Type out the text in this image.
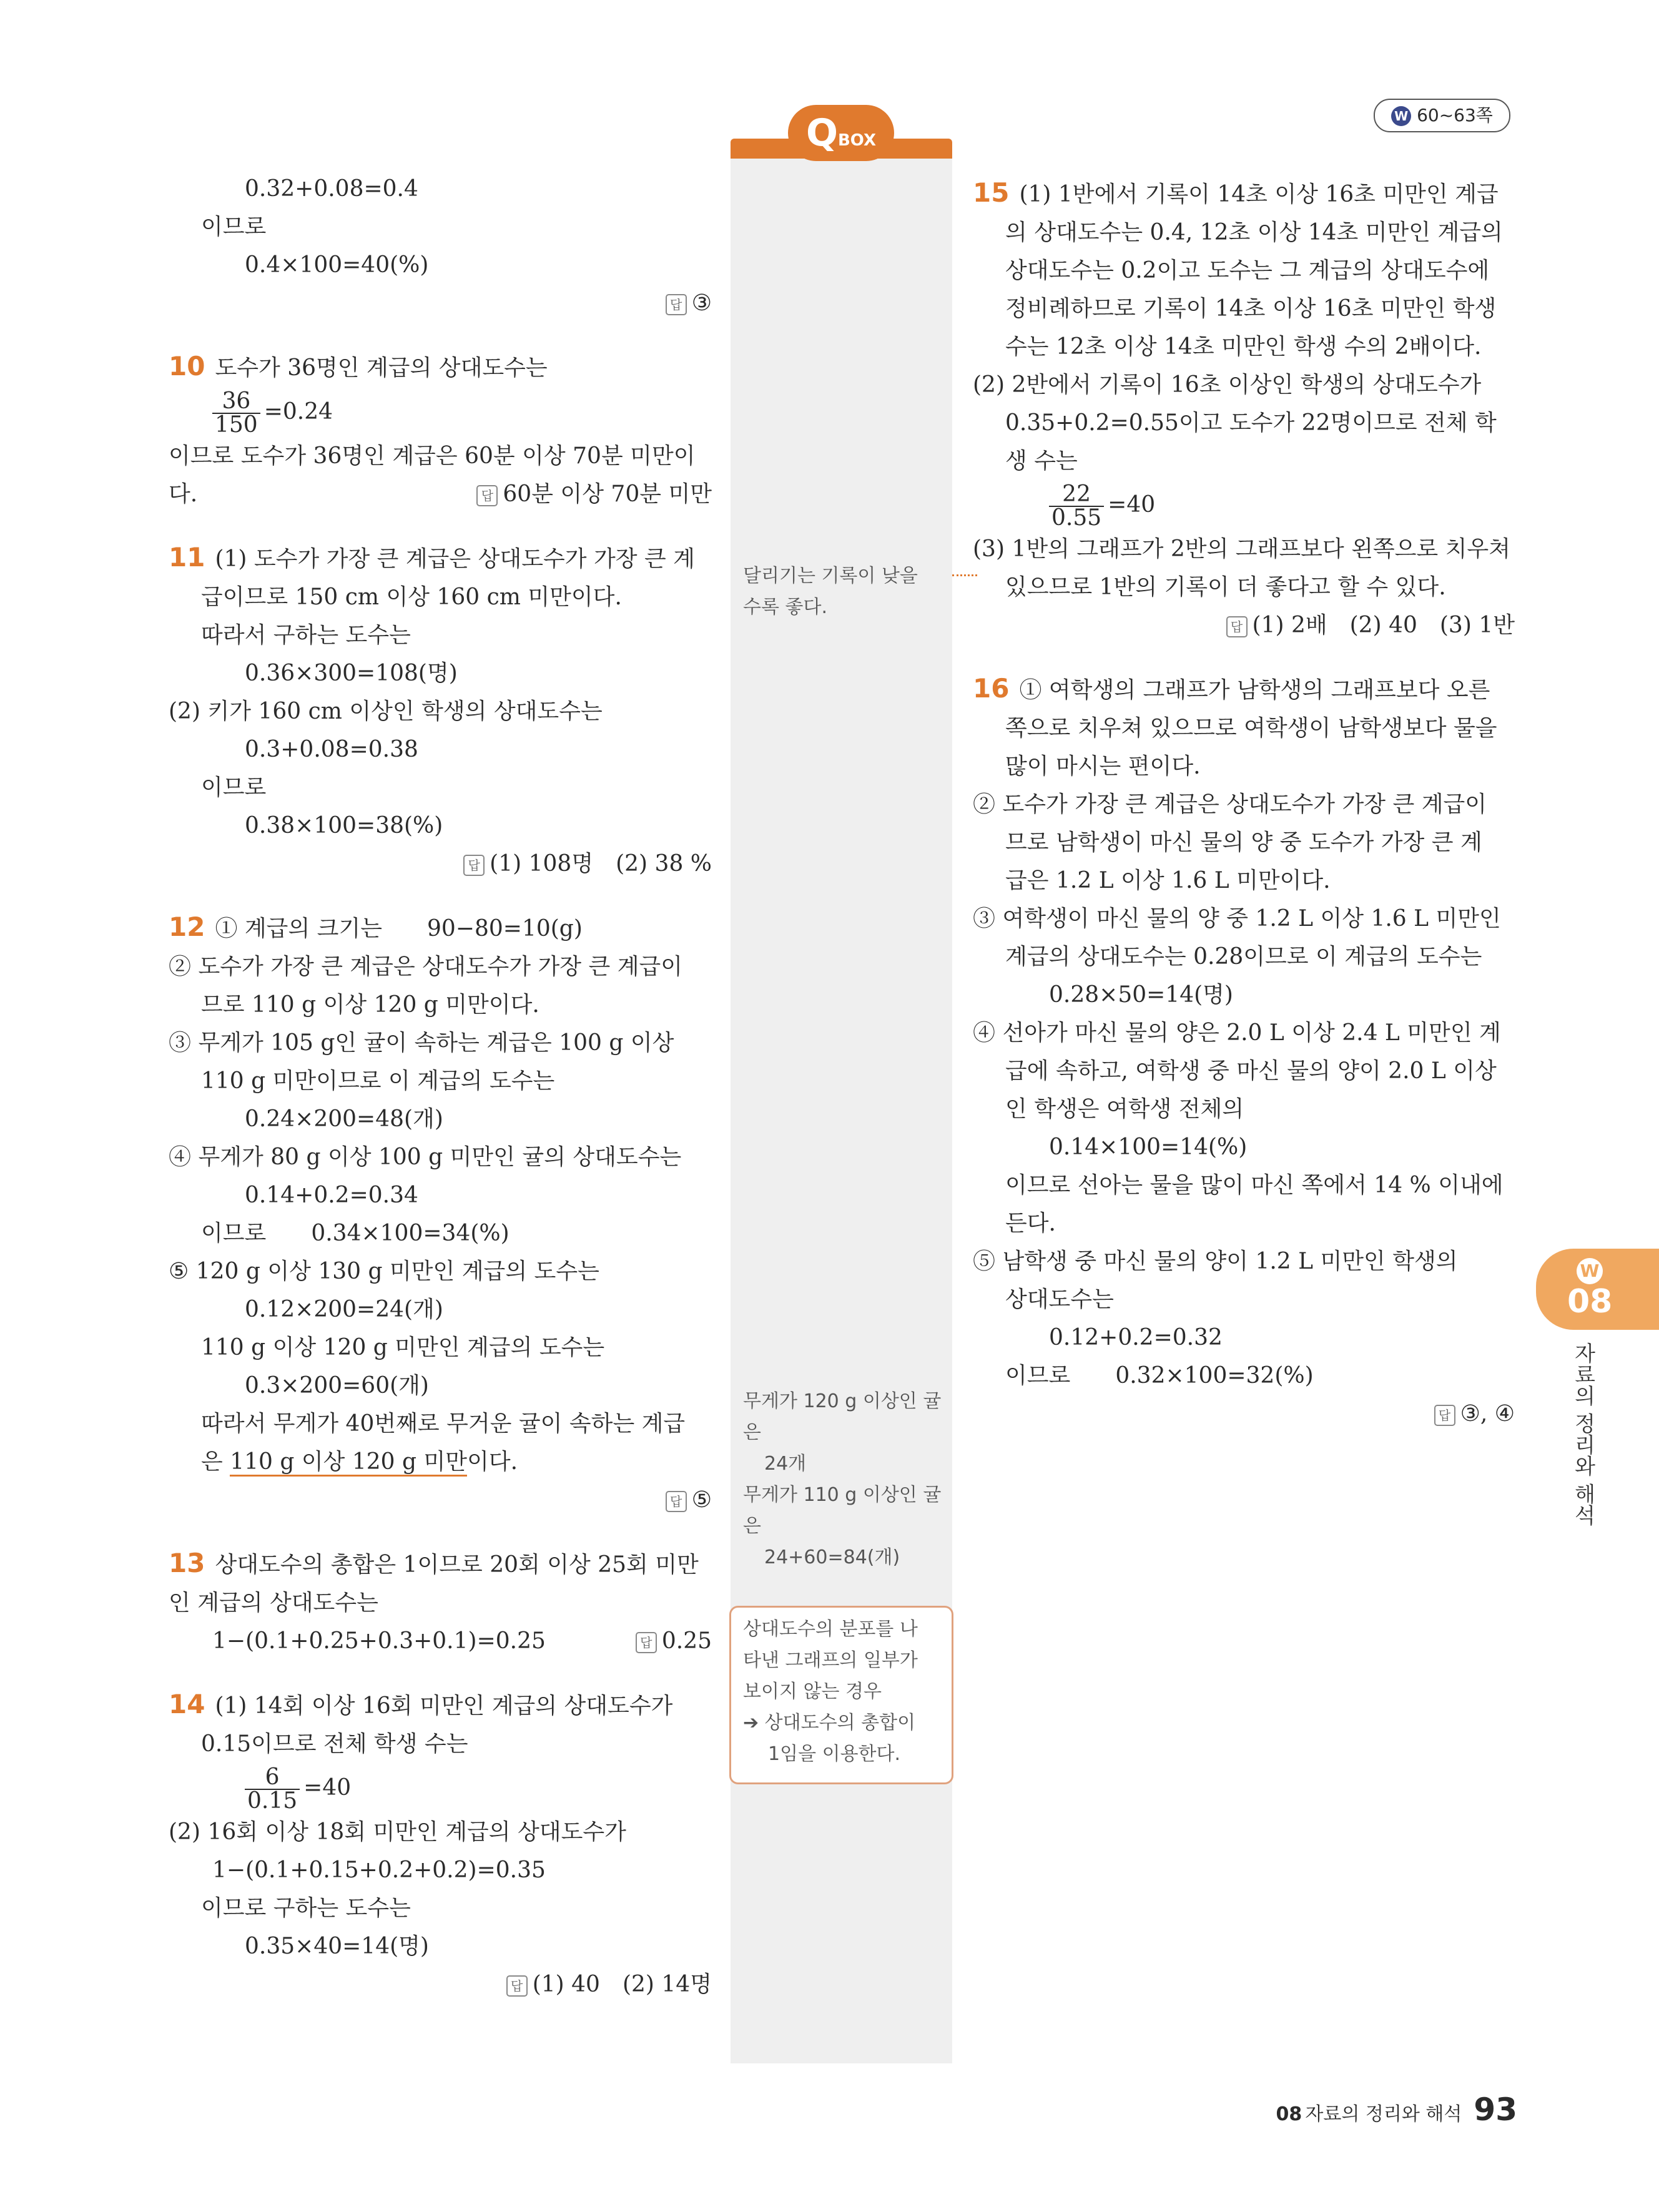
W 60~63쪽
QBOX

0.32+0.08=0.4

이므로

0.4×100=40(%)

답 ③

10 도수가 36명인 계급의 상대도수는

$\frac{36}{150} =0.24$

이므로 도수가 36명인 계급은 60분 이상 70분 미만이

다.	답 60분 이상 70분 미만

11 (1) 도수가 가장 큰 계급은 상대도수가 가장 큰 계

급이므로 150 cm 이상 160 cm 미만이다.

따라서 구하는 도수는

0.36×300=108(명)

(2) 키가 160 cm 이상인 학생의 상대도수는

0.3+0.08=0.38

이므로

0.38×100=38(%)

답 (1) 108명　(2) 38 %

12 ① 계급의 크기는　　90−80=10(g)

② 도수가 가장 큰 계급은 상대도수가 가장 큰 계급이

므로 110 g 이상 120 g 미만이다.

③ 무게가 105 g인 귤이 속하는 계급은 100 g 이상

110 g 미만이므로 이 계급의 도수는

0.24×200=48(개)

④ 무게가 80 g 이상 100 g 미만인 귤의 상대도수는

0.14+0.2=0.34

이므로　　0.34×100=34(%)

⑤ 120 g 이상 130 g 미만인 계급의 도수는

0.12×200=24(개)

110 g 이상 120 g 미만인 계급의 도수는

0.3×200=60(개)

따라서 무게가 40번째로 무거운 귤이 속하는 계급

은 110 g 이상 120 g 미만이다.

답 ⑤

13 상대도수의 총합은 1이므로 20회 이상 25회 미만

인 계급의 상대도수는

1−(0.1+0.25+0.3+0.1)=0.25	답 0.25

14 (1) 14회 이상 16회 미만인 계급의 상대도수가

0.15이므로 전체 학생 수는

$\frac{6}{0.15} =40$

(2) 16회 이상 18회 미만인 계급의 상대도수가

1−(0.1+0.15+0.2+0.2)=0.35

이므로 구하는 도수는

0.35×40=14(명)

답 (1) 40　(2) 14명

달리기는 기록이 낮을

수록 좋다.

무게가 120 g 이상인 귤

은

24개

무게가 110 g 이상인 귤

은

24+60=84(개)

상대도수의 분포를 나

타낸 그래프의 일부가

보이지 않는 경우

➔ 상대도수의 총합이

1임을 이용한다.

15 (1) 1반에서 기록이 14초 이상 16초 미만인 계급

의 상대도수는 0.4, 12초 이상 14초 미만인 계급의

상대도수는 0.2이고 도수는 그 계급의 상대도수에

정비례하므로 기록이 14초 이상 16초 미만인 학생

수는 12초 이상 14초 미만인 학생 수의 2배이다.

(2) 2반에서 기록이 16초 이상인 학생의 상대도수가

0.35+0.2=0.55이고 도수가 22명이므로 전체 학

생 수는

$\frac{22}{0.55} =40$

(3) 1반의 그래프가 2반의 그래프보다 왼쪽으로 치우쳐

있으므로 1반의 기록이 더 좋다고 할 수 있다.

답 (1) 2배　(2) 40　(3) 1반

16 ① 여학생의 그래프가 남학생의 그래프보다 오른

쪽으로 치우쳐 있으므로 여학생이 남학생보다 물을

많이 마시는 편이다.

② 도수가 가장 큰 계급은 상대도수가 가장 큰 계급이

므로 남학생이 마신 물의 양 중 도수가 가장 큰 계

급은 1.2 L 이상 1.6 L 미만이다.

③ 여학생이 마신 물의 양 중 1.2 L 이상 1.6 L 미만인

계급의 상대도수는 0.28이므로 이 계급의 도수는

0.28×50=14(명)

④ 선아가 마신 물의 양은 2.0 L 이상 2.4 L 미만인 계

급에 속하고, 여학생 중 마신 물의 양이 2.0 L 이상

인 학생은 여학생 전체의

0.14×100=14(%)

이므로 선아는 물을 많이 마신 쪽에서 14 % 이내에

든다.

⑤ 남학생 중 마신 물의 양이 1.2 L 미만인 학생의

상대도수는

0.12+0.2=0.32

이므로　　0.32×100=32(%)

답 ③, ④

W
08
자료의 정리와 해석
08 자료의 정리와 해석 93
